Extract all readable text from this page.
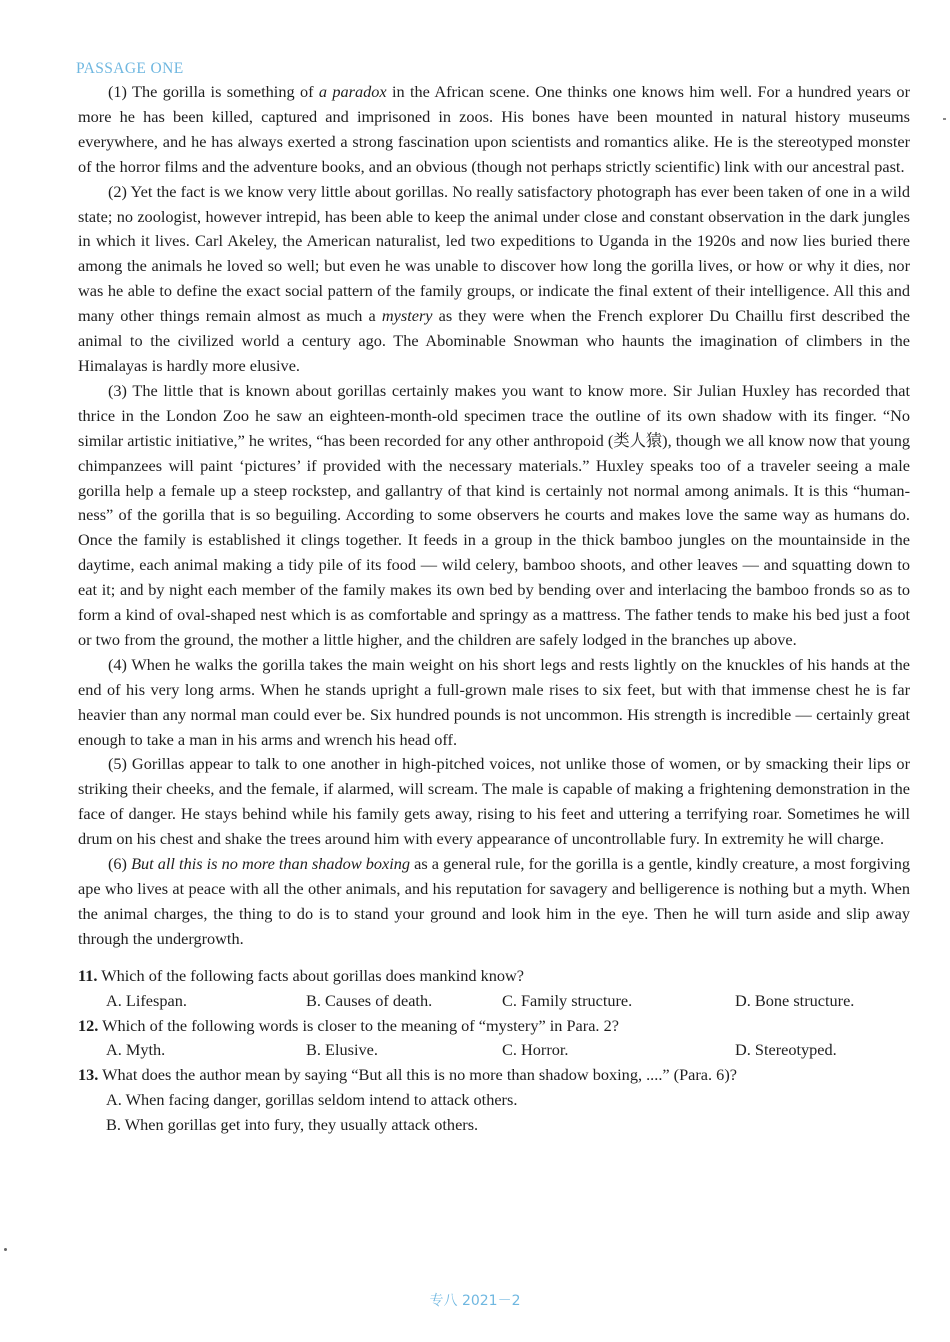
PASSAGE ONE

(1) The gorilla is something of a paradox in the African scene. One thinks one knows him well. For a hundred years or more he has been killed, captured and imprisoned in zoos. His bones have been mounted in natural history museums everywhere, and he has always exerted a strong fascination upon scientists and romantics alike. He is the stereotyped monster of the horror films and the adventure books, and an obvious (though not perhaps strictly scientific) link with our ancestral past.

(2) Yet the fact is we know very little about gorillas. No really satisfactory photograph has ever been taken of one in a wild state; no zoologist, however intrepid, has been able to keep the animal under close and constant observation in the dark jungles in which it lives. Carl Akeley, the American naturalist, led two expeditions to Uganda in the 1920s and now lies buried there among the animals he loved so well; but even he was unable to discover how long the gorilla lives, or how or why it dies, nor was he able to define the exact social pattern of the family groups, or indicate the final extent of their intelligence. All this and many other things remain almost as much a mystery as they were when the French explorer Du Chaillu first described the animal to the civilized world a century ago. The Abominable Snowman who haunts the imagination of climbers in the Himalayas is hardly more elusive.

(3) The little that is known about gorillas certainly makes you want to know more. Sir Julian Huxley has recorded that thrice in the London Zoo he saw an eighteen-month-old specimen trace the outline of its own shadow with its finger. “No similar artistic initiative,” he writes, “has been recorded for any other anthropoid (类人猿), though we all know now that young chimpanzees will paint ‘pictures’ if provided with the necessary materials.” Huxley speaks too of a traveler seeing a male gorilla help a female up a steep rockstep, and gallantry of that kind is certainly not normal among animals. It is this “human-ness” of the gorilla that is so beguiling. According to some observers he courts and makes love the same way as humans do. Once the family is established it clings together. It feeds in a group in the thick bamboo jungles on the mountainside in the daytime, each animal making a tidy pile of its food — wild celery, bamboo shoots, and other leaves — and squatting down to eat it; and by night each member of the family makes its own bed by bending over and interlacing the bamboo fronds so as to form a kind of oval-shaped nest which is as comfortable and springy as a mattress. The father tends to make his bed just a foot or two from the ground, the mother a little higher, and the children are safely lodged in the branches up above.

(4) When he walks the gorilla takes the main weight on his short legs and rests lightly on the knuckles of his hands at the end of his very long arms. When he stands upright a full-grown male rises to six feet, but with that immense chest he is far heavier than any normal man could ever be. Six hundred pounds is not uncommon. His strength is incredible — certainly great enough to take a man in his arms and wrench his head off.

(5) Gorillas appear to talk to one another in high-pitched voices, not unlike those of women, or by smacking their lips or striking their cheeks, and the female, if alarmed, will scream. The male is capable of making a frightening demonstration in the face of danger. He stays behind while his family gets away, rising to his feet and uttering a terrifying roar. Sometimes he will drum on his chest and shake the trees around him with every appearance of uncontrollable fury. In extremity he will charge.

(6) But all this is no more than shadow boxing as a general rule, for the gorilla is a gentle, kindly creature, a most forgiving ape who lives at peace with all the other animals, and his reputation for savagery and belligerence is nothing but a myth. When the animal charges, the thing to do is to stand your ground and look him in the eye. Then he will turn aside and slip away through the undergrowth.

11. Which of the following facts about gorillas does mankind know?
A. Lifespan.	B. Causes of death.	C. Family structure.	D. Bone structure.
12. Which of the following words is closer to the meaning of “mystery” in Para. 2?
A. Myth.	B. Elusive.	C. Horror.	D. Stereotyped.
13. What does the author mean by saying “But all this is no more than shadow boxing, ....” (Para. 6)?
A. When facing danger, gorillas seldom intend to attack others.
B. When gorillas get into fury, they usually attack others.
专八 2021－2
